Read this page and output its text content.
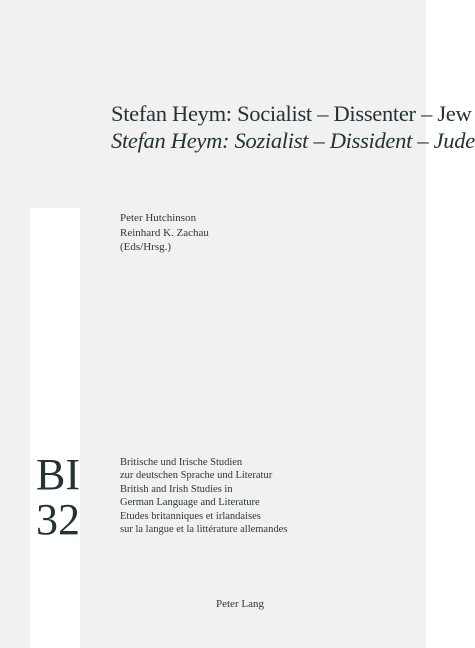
Stefan Heym: Socialist – Dissenter – Jew
Stefan Heym: Sozialist – Dissident – Jude
Peter Hutchinson
Reinhard K. Zachau
(Eds/Hrsg.)
BI
32
Britische und Irische Studien
zur deutschen Sprache und Literatur
British and Irish Studies in
German Language and Literature
Etudes britanniques et irlandaises
sur la langue et la littérature allemandes
Peter Lang
